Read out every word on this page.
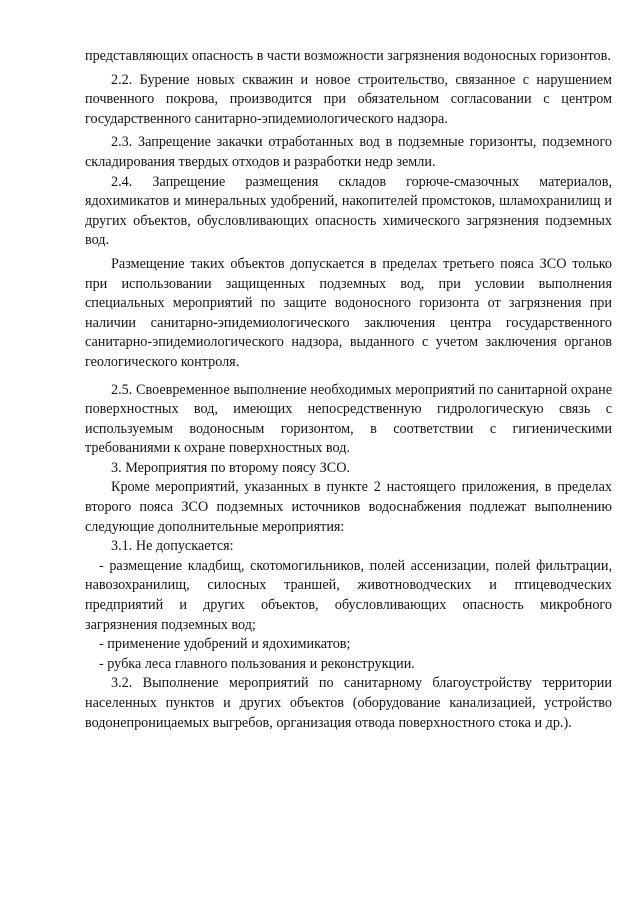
представляющих опасность в части возможности загрязнения водоносных горизонтов.

2.2. Бурение новых скважин и новое строительство, связанное с нарушением почвенного покрова, производится при обязательном согласовании с центром государственного санитарно-эпидемиологического надзора.

2.3. Запрещение закачки отработанных вод в подземные горизонты, подземного складирования твердых отходов и разработки недр земли.

2.4. Запрещение размещения складов горюче-смазочных материалов, ядохимикатов и минеральных удобрений, накопителей промстоков, шламохранилищ и других объектов, обусловливающих опасность химического загрязнения подземных вод.

Размещение таких объектов допускается в пределах третьего пояса ЗСО только при использовании защищенных подземных вод, при условии выполнения специальных мероприятий по защите водоносного горизонта от загрязнения при наличии санитарно-эпидемиологического заключения центра государственного санитарно-эпидемиологического надзора, выданного с учетом заключения органов геологического контроля.

2.5. Своевременное выполнение необходимых мероприятий по санитарной охране поверхностных вод, имеющих непосредственную гидрологическую связь с используемым водоносным горизонтом, в соответствии с гигиеническими требованиями к охране поверхностных вод.

3. Мероприятия по второму поясу ЗСО.

Кроме мероприятий, указанных в пункте 2 настоящего приложения, в пределах второго пояса ЗСО подземных источников водоснабжения подлежат выполнению следующие дополнительные мероприятия:

3.1. Не допускается:

- размещение кладбищ, скотомогильников, полей ассенизации, полей фильтрации, навозохранилищ, силосных траншей, животноводческих и птицеводческих предприятий и других объектов, обусловливающих опасность микробного загрязнения подземных вод;

- применение удобрений и ядохимикатов;

- рубка леса главного пользования и реконструкции.

3.2. Выполнение мероприятий по санитарному благоустройству территории населенных пунктов и других объектов (оборудование канализацией, устройство водонепроницаемых выгребов, организация отвода поверхностного стока и др.).
